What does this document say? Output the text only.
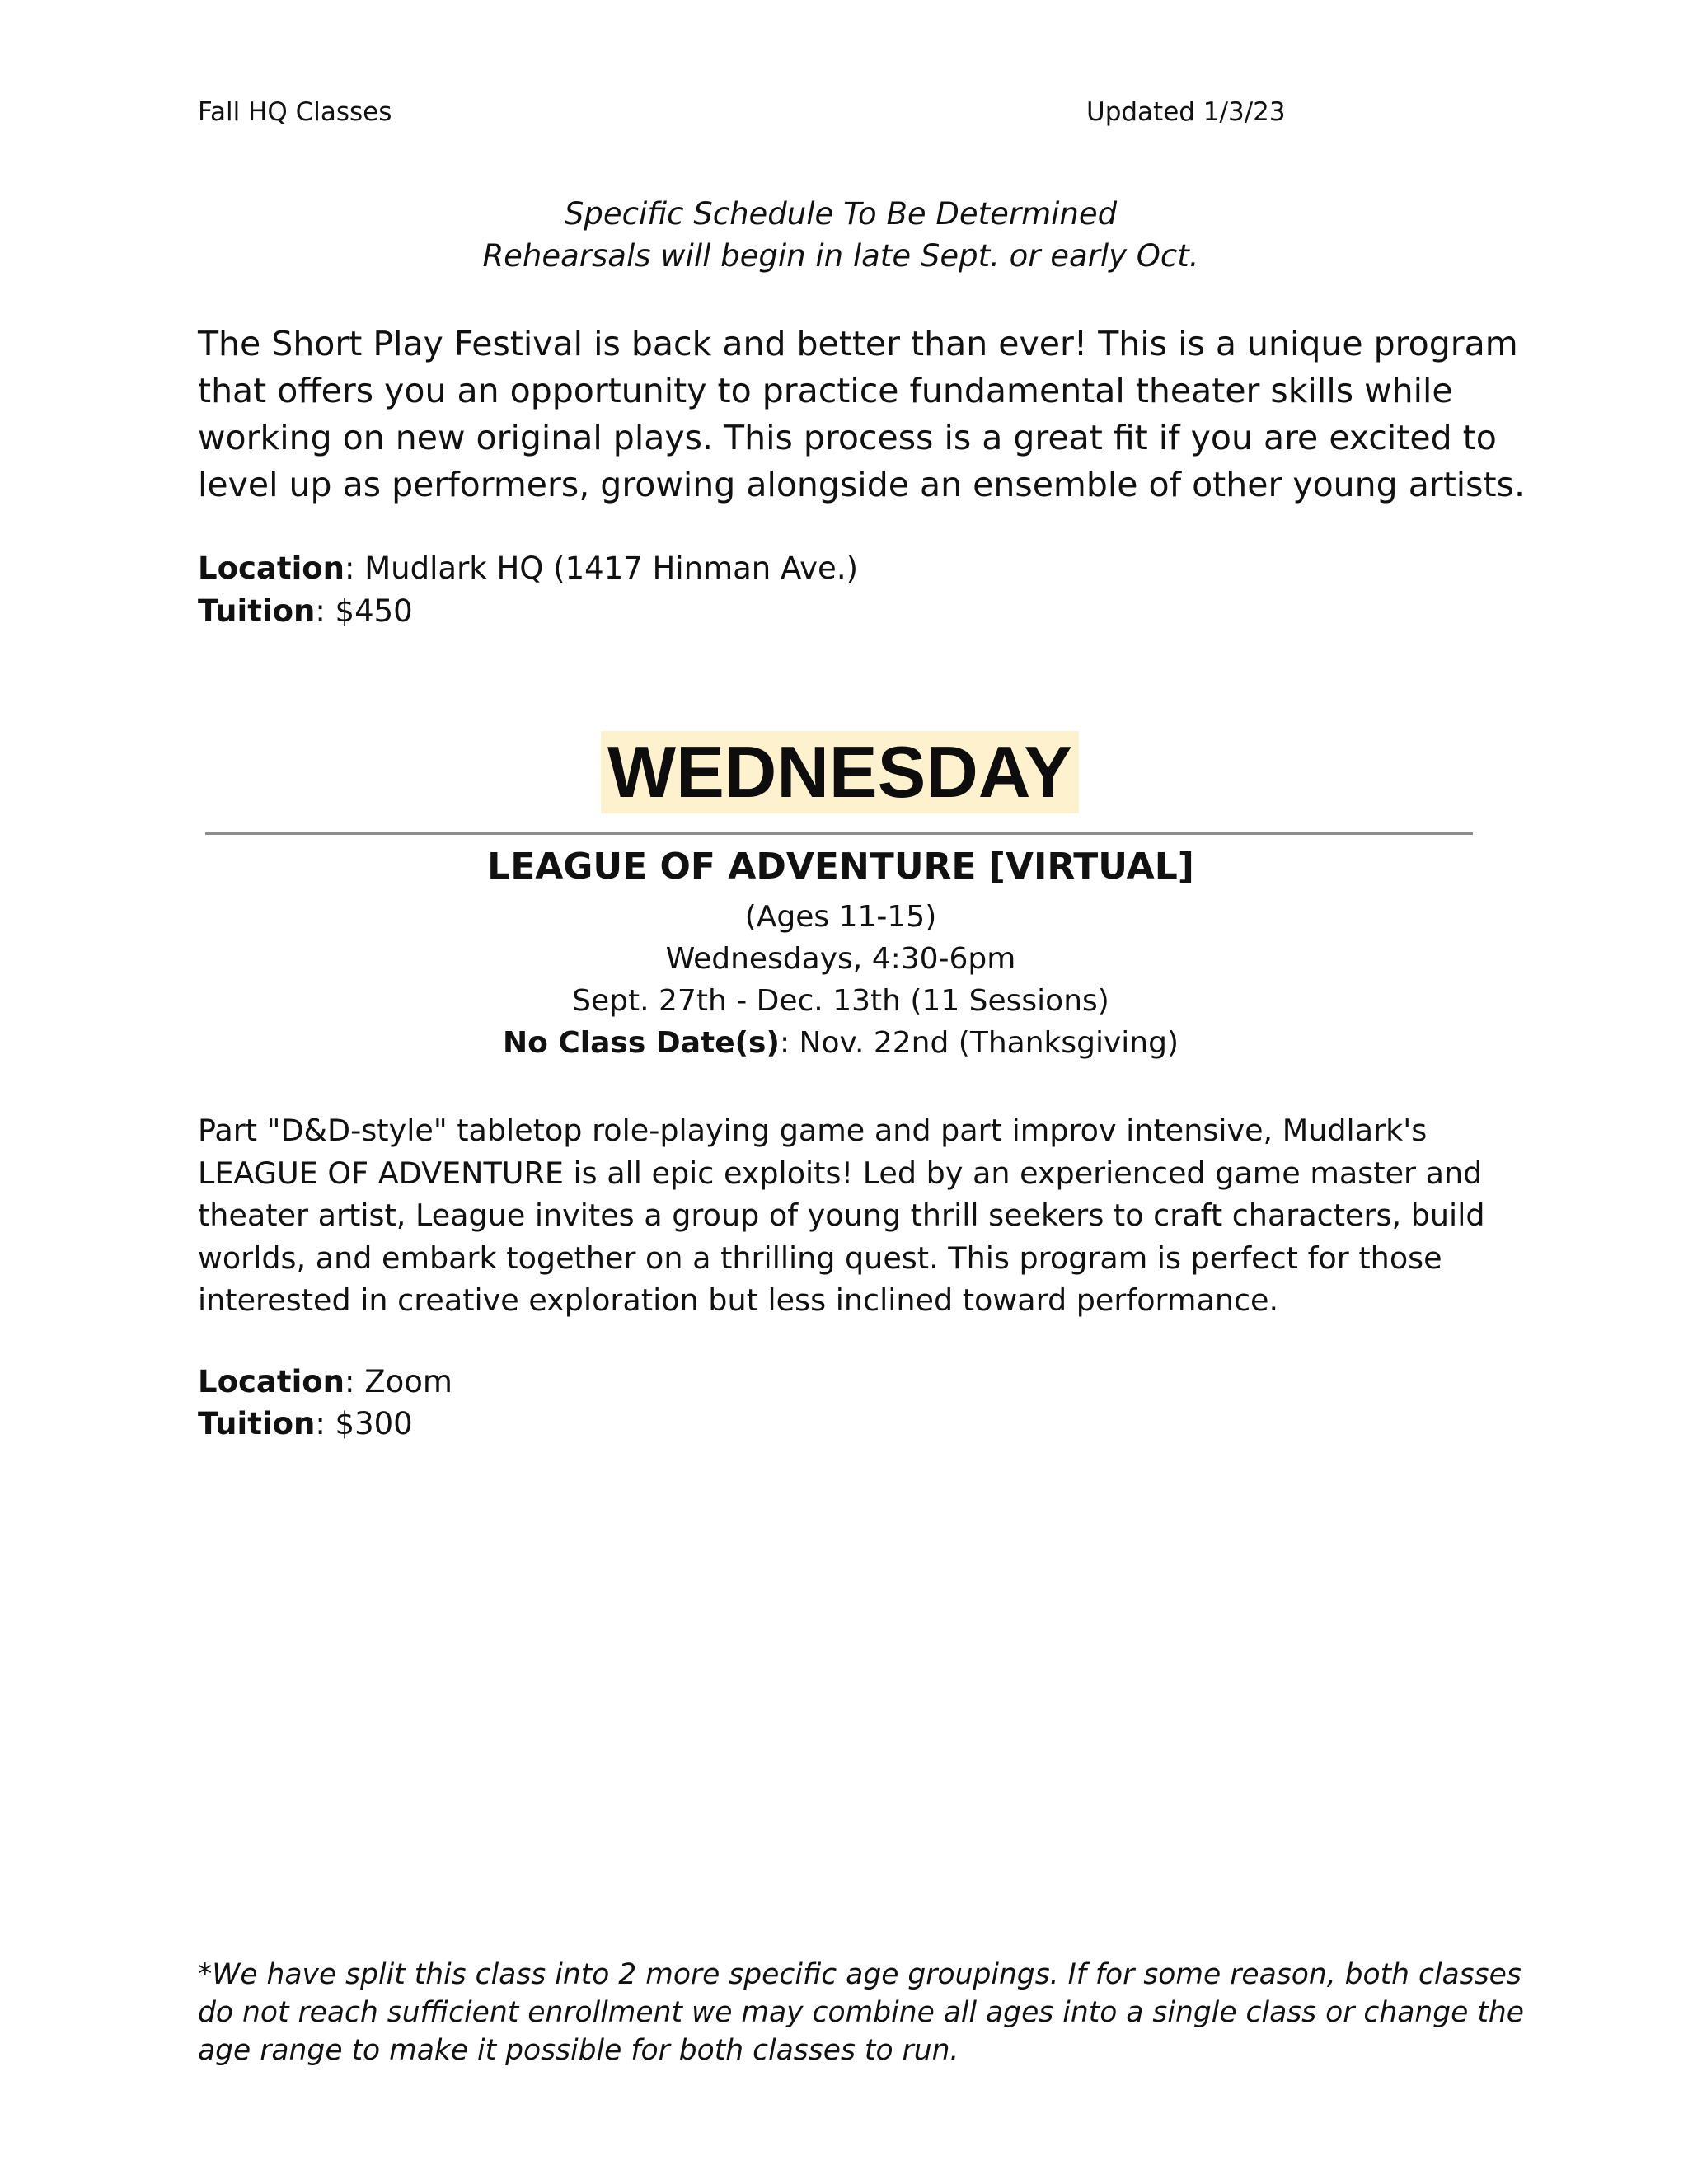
Fall HQ Classes	Updated 1/3/23
Specific Schedule To Be Determined
Rehearsals will begin in late Sept. or early Oct.

The Short Play Festival is back and better than ever! This is a unique program that offers you an opportunity to practice fundamental theater skills while working on new original plays. This process is a great fit if you are excited to level up as performers, growing alongside an ensemble of other young artists.

Location: Mudlark HQ (1417 Hinman Ave.)
Tuition: $450
WEDNESDAY
LEAGUE OF ADVENTURE [VIRTUAL]
(Ages 11-15)
Wednesdays, 4:30-6pm
Sept. 27th - Dec. 13th (11 Sessions)
No Class Date(s): Nov. 22nd (Thanksgiving)

Part "D&D-style" tabletop role-playing game and part improv intensive, Mudlark's LEAGUE OF ADVENTURE is all epic exploits! Led by an experienced game master and theater artist, League invites a group of young thrill seekers to craft characters, build worlds, and embark together on a thrilling quest. This program is perfect for those interested in creative exploration but less inclined toward performance.

Location: Zoom
Tuition: $300

*We have split this class into 2 more specific age groupings. If for some reason, both classes do not reach sufficient enrollment we may combine all ages into a single class or change the age range to make it possible for both classes to run.
